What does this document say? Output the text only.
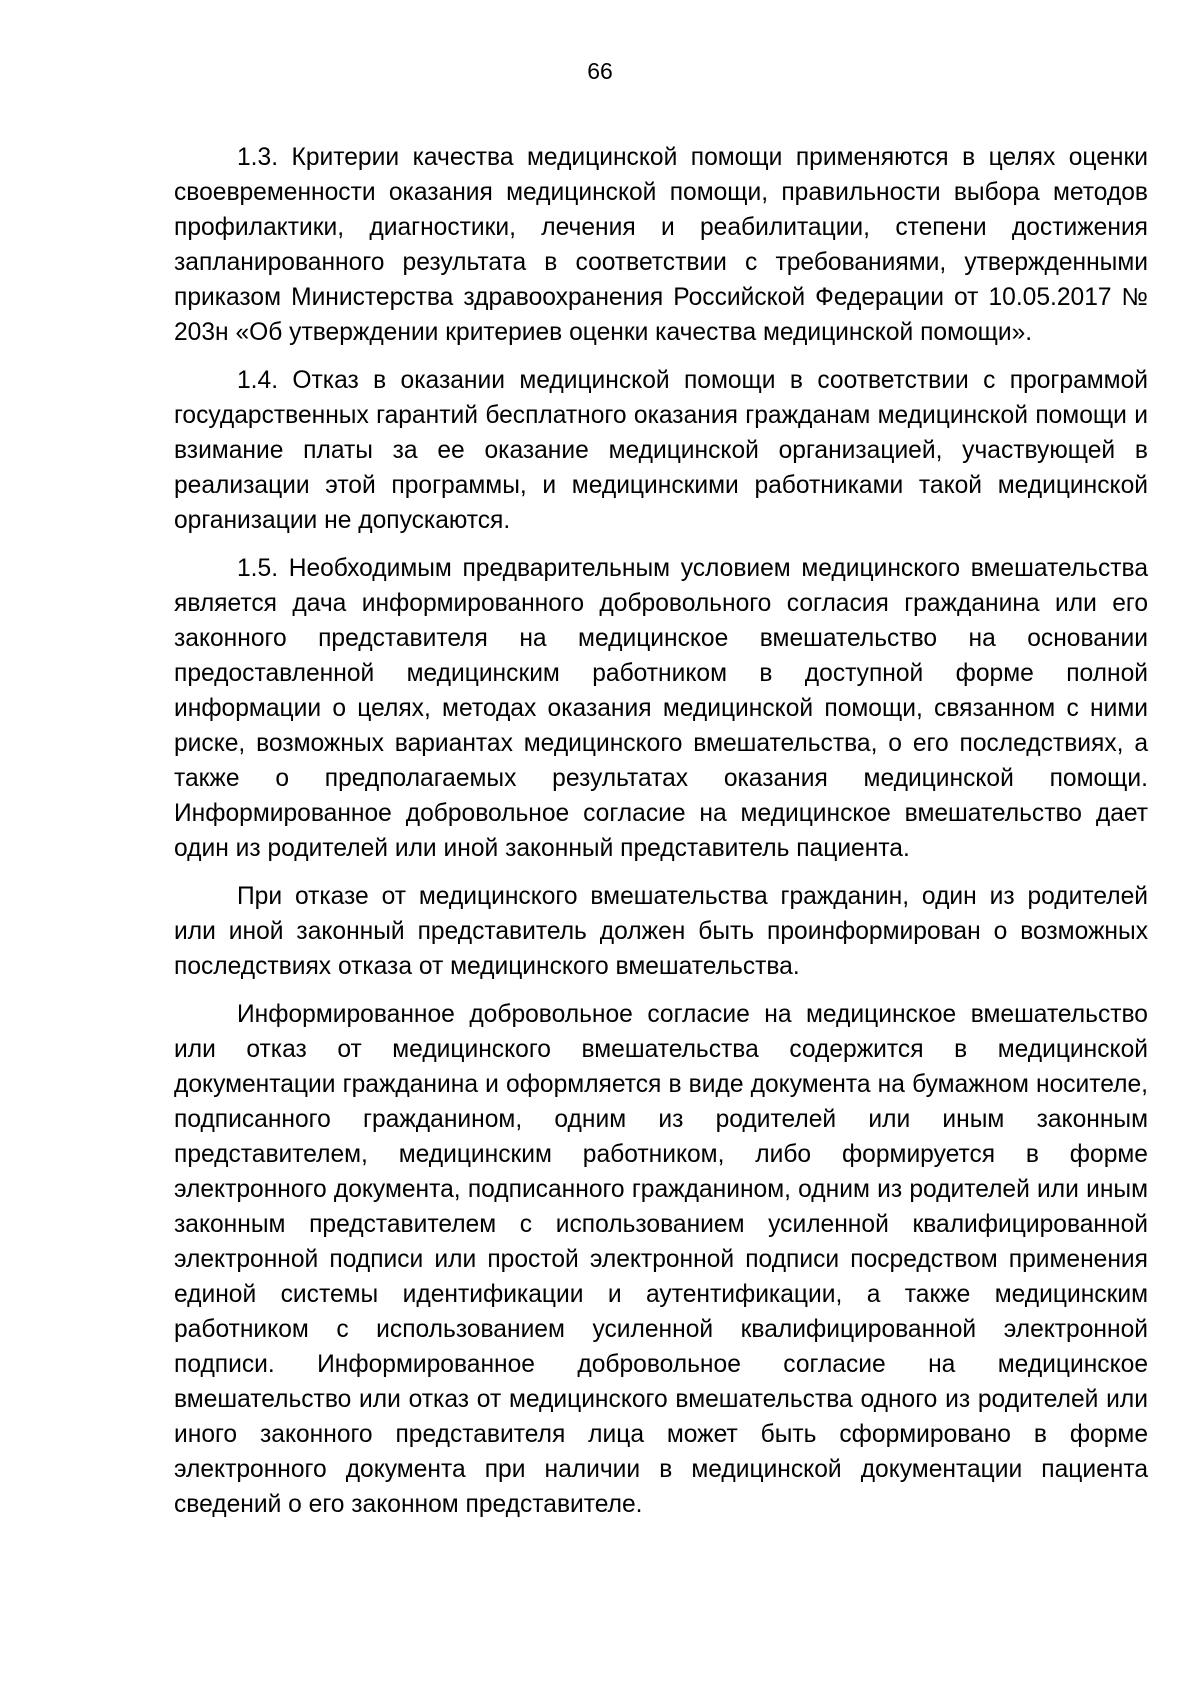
66

1.3. Критерии качества медицинской помощи применяются в целях оценки своевременности оказания медицинской помощи, правильности выбора методов профилактики, диагностики, лечения и реабилитации, степени достижения запланированного результата в соответствии с требованиями, утвержденными приказом Министерства здравоохранения Российской Федерации от 10.05.2017 № 203н «Об утверждении критериев оценки качества медицинской помощи».

1.4. Отказ в оказании медицинской помощи в соответствии с программой государственных гарантий бесплатного оказания гражданам медицинской помощи и взимание платы за ее оказание медицинской организацией, участвующей в реализации этой программы, и медицинскими работниками такой медицинской организации не допускаются.

1.5. Необходимым предварительным условием медицинского вмешательства является дача информированного добровольного согласия гражданина или его законного представителя на медицинское вмешательство на основании предоставленной медицинским работником в доступной форме полной информации о целях, методах оказания медицинской помощи, связанном с ними риске, возможных вариантах медицинского вмешательства, о его последствиях, а также о предполагаемых результатах оказания медицинской помощи. Информированное добровольное согласие на медицинское вмешательство дает один из родителей или иной законный представитель пациента.

При отказе от медицинского вмешательства гражданин, один из родителей или иной законный представитель должен быть проинформирован о возможных последствиях отказа от медицинского вмешательства.

Информированное добровольное согласие на медицинское вмешательство или отказ от медицинского вмешательства содержится в медицинской документации гражданина и оформляется в виде документа на бумажном носителе, подписанного гражданином, одним из родителей или иным законным представителем, медицинским работником, либо формируется в форме электронного документа, подписанного гражданином, одним из родителей или иным законным представителем с использованием усиленной квалифицированной электронной подписи или простой электронной подписи посредством применения единой системы идентификации и аутентификации, а также медицинским работником с использованием усиленной квалифицированной электронной подписи. Информированное добровольное согласие на медицинское вмешательство или отказ от медицинского вмешательства одного из родителей или иного законного представителя лица может быть сформировано в форме электронного документа при наличии в медицинской документации пациента сведений о его законном представителе.
